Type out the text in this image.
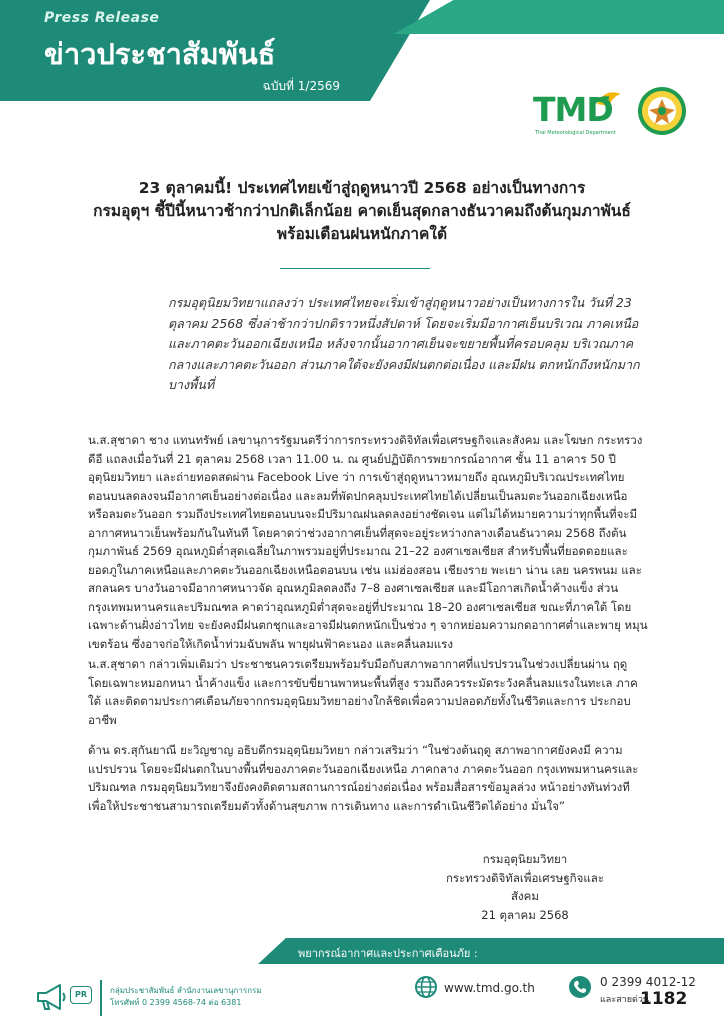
Press Release
ข่าวประชาสัมพันธ์
ฉบับที่ 1/2569
TMD
Thai Meteorological Department
23 ตุลาคมนี้! ประเทศไทยเข้าสู่ฤดูหนาวปี 2568 อย่างเป็นทางการ
กรมอุตุฯ ชี้ปีนี้หนาวช้ากว่าปกติเล็กน้อย คาดเย็นสุดกลางธันวาคมถึงต้นกุมภาพันธ์
พร้อมเตือนฝนหนักภาคใต้
กรมอุตุนิยมวิทยาแถลงว่า ประเทศไทยจะเริ่มเข้าสู่ฤดูหนาวอย่างเป็นทางการใน วันที่ 23 ตุลาคม 2568 ซึ่งล่าช้ากว่าปกติราวหนึ่งสัปดาห์ โดยจะเริ่มมีอากาศเย็นบริเวณ ภาคเหนือและภาคตะวันออกเฉียงเหนือ หลังจากนั้นอากาศเย็นจะขยายพื้นที่ครอบคลุม บริเวณภาคกลางและภาคตะวันออก ส่วนภาคใต้จะยังคงมีฝนตกต่อเนื่อง และมีฝน ตกหนักถึงหนักมากบางพื้นที่
น.ส.สุชาดา ชาง แทนทรัพย์ เลขานุการรัฐมนตรีว่าการกระทรวงดิจิทัลเพื่อเศรษฐกิจและสังคม และโฆษก กระทรวงดีอี แถลงเมื่อวันที่ 21 ตุลาคม 2568 เวลา 11.00 น. ณ ศูนย์ปฏิบัติการพยากรณ์อากาศ ชั้น 11 อาคาร 50 ปี อุตุนิยมวิทยา และถ่ายทอดสดผ่าน Facebook Live ว่า การเข้าสู่ฤดูหนาวหมายถึง อุณหภูมิบริเวณประเทศไทย ตอนบนลดลงจนมีอากาศเย็นอย่างต่อเนื่อง และลมที่พัดปกคลุมประเทศไทยได้เปลี่ยนเป็นลมตะวันออกเฉียงเหนือ หรือลมตะวันออก รวมถึงประเทศไทยตอนบนจะมีปริมาณฝนลดลงอย่างชัดเจน แต่ไม่ได้หมายความว่าทุกพื้นที่จะมี อากาศหนาวเย็นพร้อมกันในทันที โดยคาดว่าช่วงอากาศเย็นที่สุดจะอยู่ระหว่างกลางเดือนธันวาคม 2568 ถึงต้น กุมภาพันธ์ 2569 อุณหภูมิต่ำสุดเฉลี่ยในภาพรวมอยู่ที่ประมาณ 21–22 องศาเซลเซียส สำหรับพื้นที่ยอดดอยและ ยอดภูในภาคเหนือและภาคตะวันออกเฉียงเหนือตอนบน เช่น แม่ฮ่องสอน เชียงราย พะเยา น่าน เลย นครพนม และสกลนคร บางวันอาจมีอากาศหนาวจัด อุณหภูมิลดลงถึง 7–8 องศาเซลเซียส และมีโอกาสเกิดน้ำค้างแข็ง ส่วน กรุงเทพมหานครและปริมณฑล คาดว่าอุณหภูมิต่ำสุดจะอยู่ที่ประมาณ 18–20 องศาเซลเซียส ขณะที่ภาคใต้ โดย เฉพาะด้านฝั่งอ่าวไทย จะยังคงมีฝนตกชุกและอาจมีฝนตกหนักเป็นช่วง ๆ จากหย่อมความกดอากาศต่ำและพายุ หมุนเขตร้อน ซึ่งอาจก่อให้เกิดน้ำท่วมฉับพลัน พายุฝนฟ้าคะนอง และคลื่นลมแรง
น.ส.สุชาดา กล่าวเพิ่มเติมว่า ประชาชนควรเตรียมพร้อมรับมือกับสภาพอากาศที่แปรปรวนในช่วงเปลี่ยนผ่าน ฤดู โดยเฉพาะหมอกหนา น้ำค้างแข็ง และการขับขี่ยานพาหนะพื้นที่สูง รวมถึงควรระมัดระวังคลื่นลมแรงในทะเล ภาคใต้ และติดตามประกาศเตือนภัยจากกรมอุตุนิยมวิทยาอย่างใกล้ชิดเพื่อความปลอดภัยทั้งในชีวิตและการ ประกอบอาชีพ
ด้าน ดร.สุกันยาณี ยะวิญชาญ อธิบดีกรมอุตุนิยมวิทยา กล่าวเสริมว่า “ในช่วงต้นฤดู สภาพอากาศยังคงมี ความแปรปรวน โดยจะมีฝนตกในบางพื้นที่ของภาคตะวันออกเฉียงเหนือ ภาคกลาง ภาคตะวันออก กรุงเทพมหานครและปริมณฑล กรมอุตุนิยมวิทยาจึงยังคงติดตามสถานการณ์อย่างต่อเนื่อง พร้อมสื่อสารข้อมูลล่วง หน้าอย่างทันท่วงที เพื่อให้ประชาชนสามารถเตรียมตัวทั้งด้านสุขภาพ การเดินทาง และการดำเนินชีวิตได้อย่าง มั่นใจ”
กรมอุตุนิยมวิทยา
กระทรวงดิจิทัลเพื่อเศรษฐกิจและสังคม
21 ตุลาคม 2568
พยากรณ์อากาศและประกาศเตือนภัย :
PR	กลุ่มประชาสัมพันธ์ สำนักงานเลขานุการกรม
โทรศัพท์ 0 2399 4568-74 ต่อ 6381
www.tmd.go.th	0 2399 4012-12
และสายด่วน
1182
